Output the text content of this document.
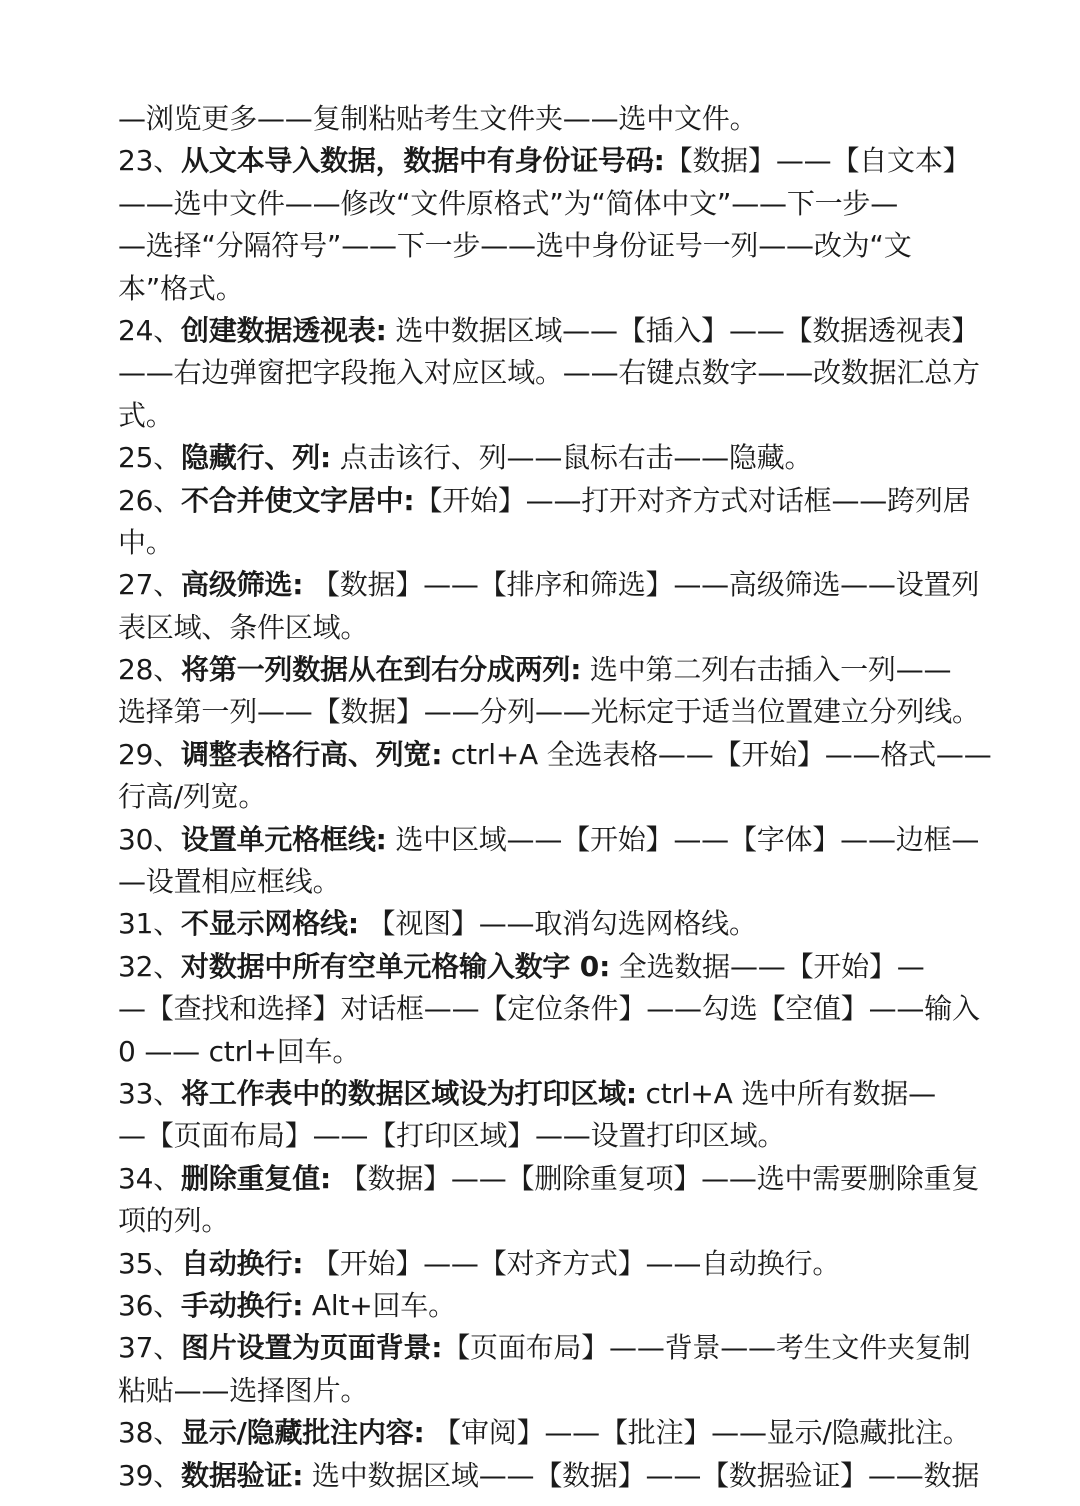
—浏览更多——复制粘贴考生文件夹——选中文件。
23、从文本导入数据，数据中有身份证号码:【数据】——【自文本】
——选中文件——修改“文件原格式”为“简体中文”——下一步—
—选择“分隔符号”——下一步——选中身份证号一列——改为“文
本”格式。
24、创建数据透视表: 选中数据区域——【插入】——【数据透视表】
——右边弹窗把字段拖入对应区域。——右键点数字——改数据汇总方
式。
25、隐藏行、列: 点击该行、列——鼠标右击——隐藏。
26、不合并使文字居中:【开始】——打开对齐方式对话框——跨列居
中。
27、高级筛选: 【数据】——【排序和筛选】——高级筛选——设置列
表区域、条件区域。
28、将第一列数据从在到右分成两列: 选中第二列右击插入一列——
选择第一列——【数据】——分列——光标定于适当位置建立分列线。
29、调整表格行高、列宽: ctrl+A 全选表格——【开始】——格式——
行高/列宽。
30、设置单元格框线: 选中区域——【开始】——【字体】——边框—
—设置相应框线。
31、不显示网格线: 【视图】——取消勾选网格线。
32、对数据中所有空单元格输入数字 0: 全选数据——【开始】—
—【查找和选择】对话框——【定位条件】——勾选【空值】——输入
0 —— ctrl+回车。
33、将工作表中的数据区域设为打印区域: ctrl+A 选中所有数据—
—【页面布局】——【打印区域】——设置打印区域。
34、删除重复值: 【数据】——【删除重复项】——选中需要删除重复
项的列。
35、自动换行: 【开始】——【对齐方式】——自动换行。
36、手动换行: Alt+回车。
37、图片设置为页面背景:【页面布局】——背景——考生文件夹复制
粘贴——选择图片。
38、显示/隐藏批注内容: 【审阅】——【批注】——显示/隐藏批注。
39、数据验证: 选中数据区域——【数据】——【数据验证】——数据
